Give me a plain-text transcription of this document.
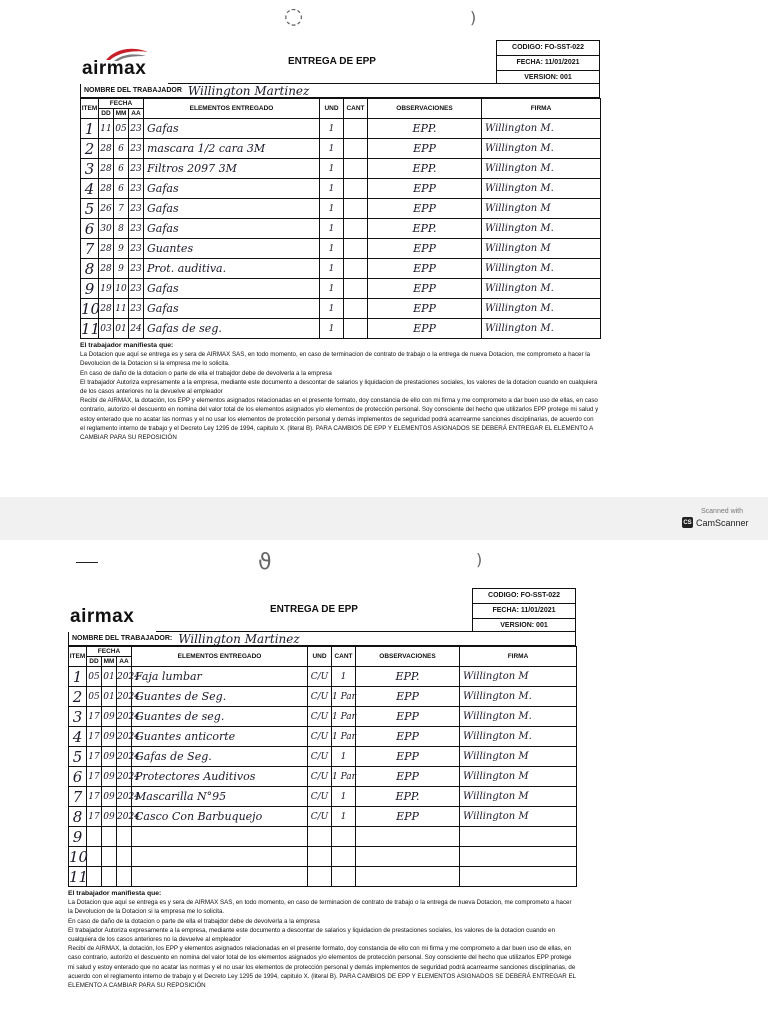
◌	)
airmax	ENTREGA DE EPP
CODIGO: FO-SST-022
FECHA: 11/01/2021
VERSION: 001
NOMBRE DEL TRABAJADOR Willington Martinez
ITEM	FECHA			ELEMENTOS ENTREGADO	UND	CANT	OBSERVACIONES	FIRMA
	DD	MM	AA					
1	11	05	23	Gafas	1		EPP.	Willington M.
2	28	6	23	mascara 1/2 cara 3M	1		EPP	Willington M.
3	28	6	23	Filtros 2097 3M	1		EPP.	Willington M.
4	28	6	23	Gafas	1		EPP	Willington M.
5	26	7	23	Gafas	1		EPP	Willington M
6	30	8	23	Gafas	1		EPP.	Willington M.
7	28	9	23	Guantes	1		EPP	Willington M
8	28	9	23	Prot. auditiva.	1		EPP	Willington M.
9	19	10	23	Gafas	1		EPP	Willington M.
10	28	11	23	Gafas	1		EPP	Willington M.
11	03	01	24	Gafas de seg.	1		EPP	Willington M.
El trabajador manifiesta que:
La Dotacion que aquí se entrega es y sera de AIRMAX SAS, en todo momento, en caso de terminacion de contrato de trabajo o la entrega de nueva Dotacion, me comprometo a hacer la Devolucion de la Dotacion si la empresa me lo solicita.
En caso de daño de la dotacion o parte de ella el trabajdor debe de devolverla a la empresa
El trabajador Autoriza expresamente a la empresa, mediante este documento a descontar de salarios y liquidacion de prestaciones sociales, los valores de la dotacion cuando en cualquiera de los casos anteriores no la devuelve al empleador
Recibí de AIRMAX, la dotación, los EPP y elementos asignados relacionadas en el presente formato, doy constancia de ello con mi firma y me comprometo a dar buen uso de ellas, en caso contrario, autorizo el descuento en nomina del valor total de los elementos asignados y/o elementos de protección personal. Soy consciente del hecho que utilizarlos EPP protege mi salud y estoy enterado que no acatar las normas y el no usar los elementos de protección personal y demás implementos de seguridad podrá acarrearme sanciones disciplinarias, de acuerdo con el reglamento interno de trabajo y el Decreto Ley 1295 de 1994, capitulo X. (literal B). PARA CAMBIOS DE EPP Y ELEMENTOS ASIGNADOS SE DEBERÁ ENTREGAR EL ELEMENTO A CAMBIAR PARA SU REPOSICIÓN
Scanned with
CS CamScanner
ϑ	)
airmax	ENTREGA DE EPP
CODIGO: FO-SST-022
FECHA: 11/01/2021
VERSION: 001
NOMBRE DEL TRABAJADOR: Willington Martinez
ITEM	FECHA			ELEMENTOS ENTREGADO	UND	CANT	OBSERVACIONES	FIRMA
	DD	MM	AA					
1	05	01	2024	Faja lumbar	C/U	1	EPP.	Willington M
2	05	01	2024	Guantes de Seg.	C/U	1 Par	EPP	Willington M.
3	17	09	2024	Guantes de seg.	C/U	1 Par	EPP	Willington M.
4	17	09	2024	Guantes anticorte	C/U	1 Par	EPP	Willington M.
5	17	09	2024	Gafas de Seg.	C/U	1	EPP	Willington M
6	17	09	2024	Protectores Auditivos	C/U	1 Par	EPP	Willington M
7	17	09	2024	Mascarilla N°95	C/U	1	EPP.	Willington M
8	17	09	2024	Casco Con Barbuquejo	C/U	1	EPP	Willington M
9								
10								
11								
El trabajador manifiesta que:
La Dotacion que aquí se entrega es y sera de AIRMAX SAS, en todo momento, en caso de terminacion de contrato de trabajo o la entrega de nueva Dotacion, me comprometo a hacer la Devolucion de la Dotacion si la empresa me lo solicita.
En caso de daño de la dotacion o parte de ella el trabajdor debe de devolverla a la empresa
El trabajador Autoriza expresamente a la empresa, mediante este documento a descontar de salarios y liquidacion de prestaciones sociales, los valores de la dotacion cuando en cualquiera de los casos anteriores no la devuelve al empleador
Recibí de AIRMAX, la dotación, los EPP y elementos asignados relacionadas en el presente formato, doy constancia de ello con mi firma y me comprometo a dar buen uso de ellas, en caso contrario, autorizo el descuento en nomina del valor total de los elementos asignados y/o elementos de protección personal. Soy consciente del hecho que utilizarlos EPP protege mi salud y estoy enterado que no acatar las normas y el no usar los elementos de protección personal y demás implementos de seguridad podrá acarrearme sanciones disciplinarias, de acuerdo con el reglamento interno de trabajo y el Decreto Ley 1295 de 1994, capitulo X. (literal B). PARA CAMBIOS DE EPP Y ELEMENTOS ASIGNADOS SE DEBERÁ ENTREGAR EL ELEMENTO A CAMBIAR PARA SU REPOSICIÓN
